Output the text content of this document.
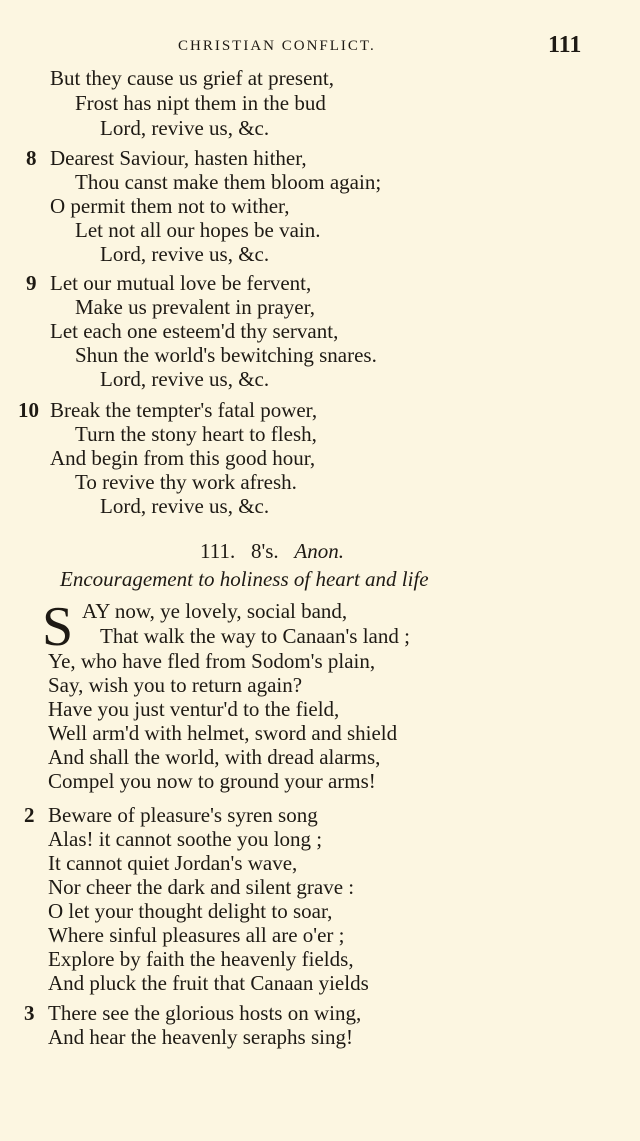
CHRISTIAN CONFLICT.	111
But they cause us grief at present,
Frost has nipt them in the bud
Lord, revive us, &c.
8 Dearest Saviour, hasten hither,
Thou canst make them bloom again;
O permit them not to wither,
Let not all our hopes be vain.
Lord, revive us, &c.
9 Let our mutual love be fervent,
Make us prevalent in prayer,
Let each one esteem'd thy servant,
Shun the world's bewitching snares.
Lord, revive us, &c.
10 Break the tempter's fatal power,
Turn the stony heart to flesh,
And begin from this good hour,
To revive thy work afresh.
Lord, revive us, &c.
111. 8's. Anon.
Encouragement to holiness of heart and life
S AY now, ye lovely, social band,
That walk the way to Canaan's land ;
Ye, who have fled from Sodom's plain,
Say, wish you to return again?
Have you just ventur'd to the field,
Well arm'd with helmet, sword and shield
And shall the world, with dread alarms,
Compel you now to ground your arms!
2 Beware of pleasure's syren song
Alas! it cannot soothe you long ;
It cannot quiet Jordan's wave,
Nor cheer the dark and silent grave :
O let your thought delight to soar,
Where sinful pleasures all are o'er ;
Explore by faith the heavenly fields,
And pluck the fruit that Canaan yields
3 There see the glorious hosts on wing,
And hear the heavenly seraphs sing!
